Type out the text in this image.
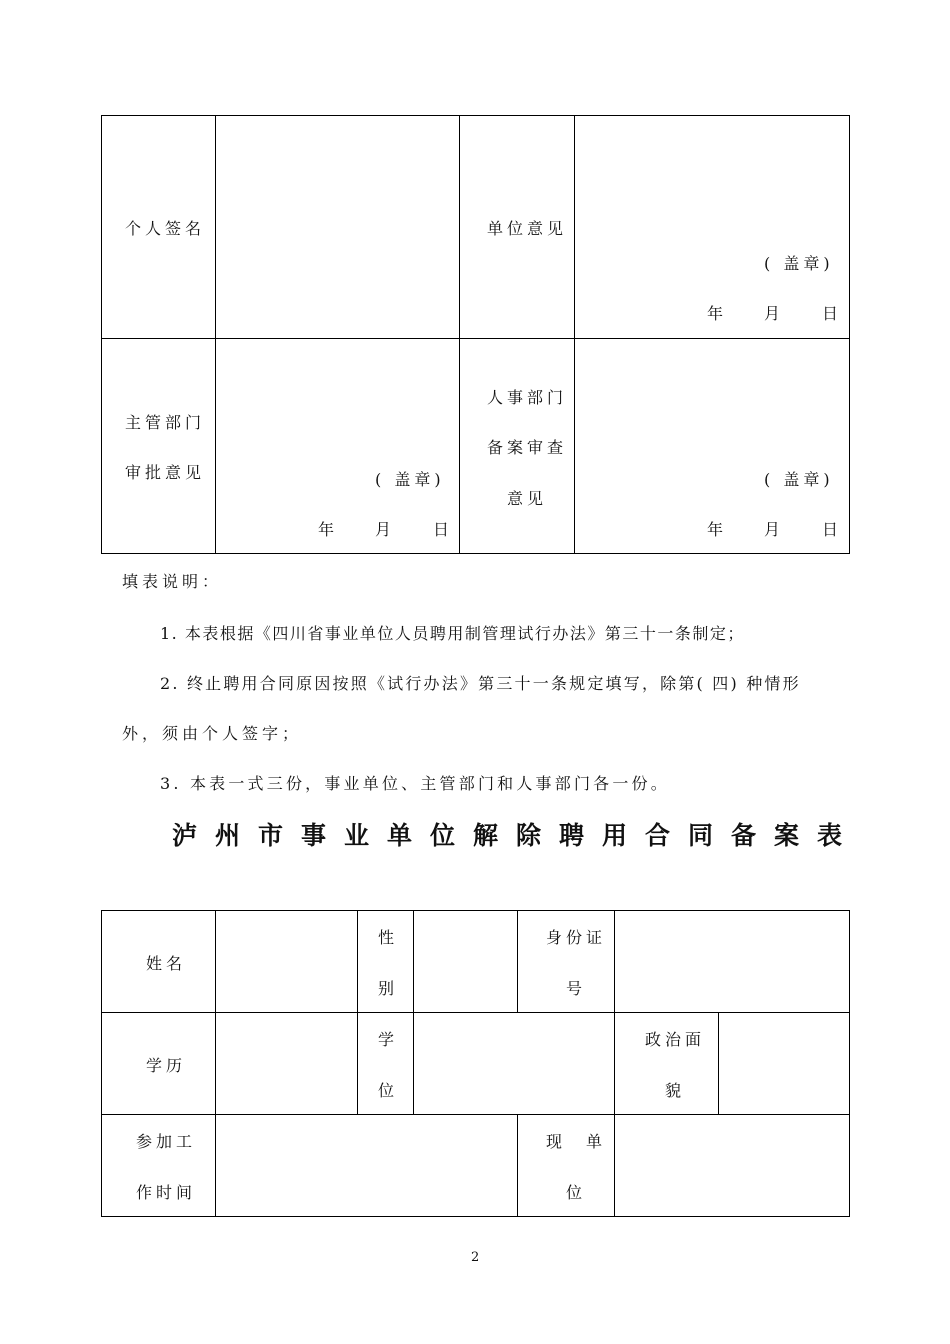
个人签名	单位意见
( 盖章)
年 月 日
主管部门
审批意见	( 盖章)
年 月 日
人事部门
备案审查
意见
( 盖章)
年 月 日
填表说明：
1. 本表根据《四川省事业单位人员聘用制管理试行办法》第三十一条制定；
2. 终止聘用合同原因按照《试行办法》第三十一条规定填写，除第( 四) 种情形
外，须由个人签字；
3. 本表一式三份，事业单位、主管部门和人事部门各一份。
泸州市事业单位解除聘用合同备案表
姓名
性
别
身份证
号
学历
学
位
政治面
貌
参加工
作时间
现　单
位
2
